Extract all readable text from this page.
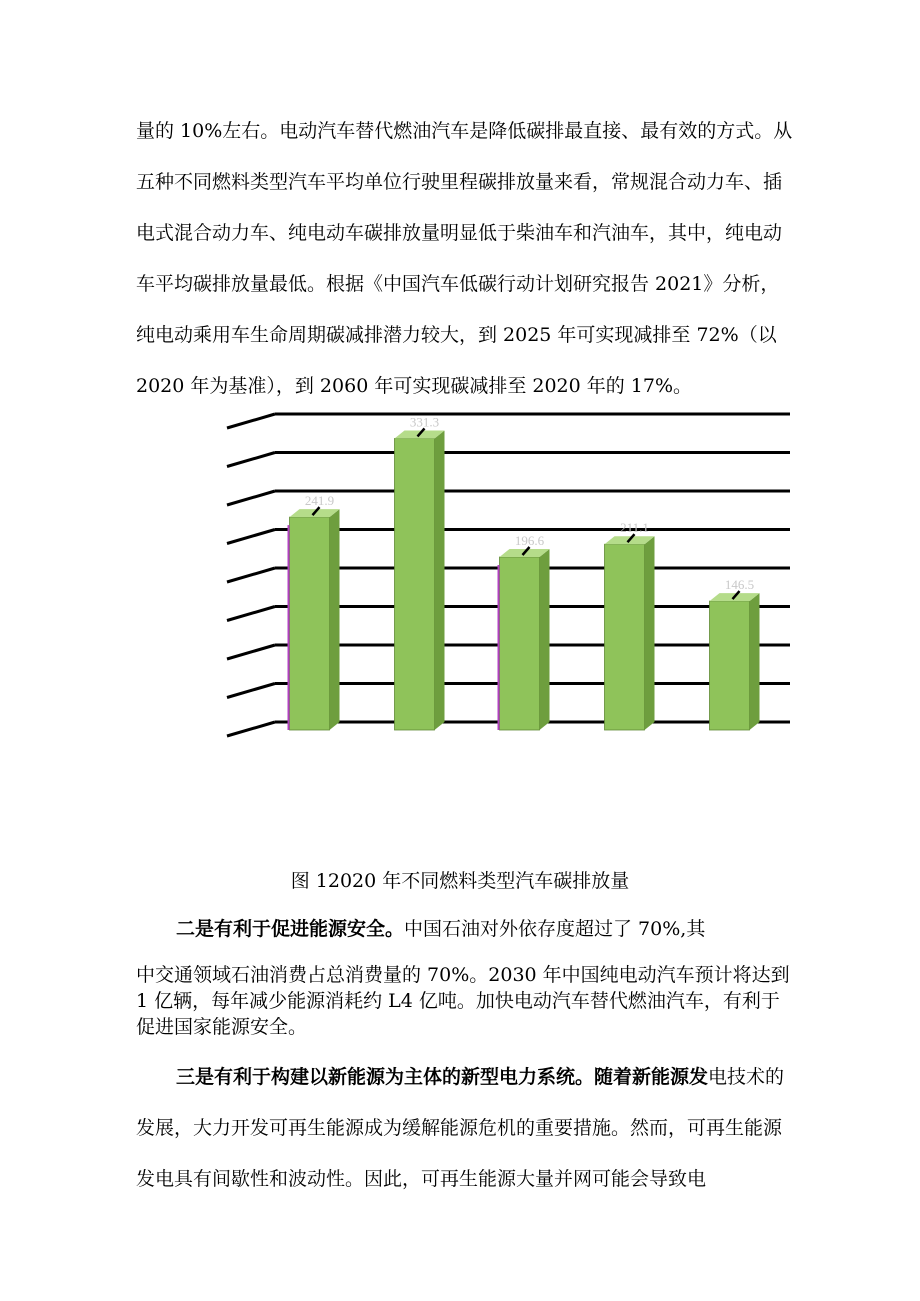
量的 10%左右。电动汽车替代燃油汽车是降低碳排最直接、最有效的方式。从五种不同燃料类型汽车平均单位行驶里程碳排放量来看，常规混合动力车、插电式混合动力车、纯电动车碳排放量明显低于柴油车和汽油车，其中，纯电动车平均碳排放量最低。根据《中国汽车低碳行动计划研究报告 2021》分析，纯电动乘用车生命周期碳减排潜力较大，到 2025 年可实现减排至 72%（以 2020 年为基准），到 2060 年可实现碳减排至 2020 年的 17%。

241.9
331.3
196.6
211.1
146.5
图 12020 年不同燃料类型汽车碳排放量
二是有利于促进能源安全。中国石油对外依存度超过了 70%,其
中交通领域石油消费占总消费量的 70%。2030 年中国纯电动汽车预计将达到 1 亿辆，每年减少能源消耗约 L4 亿吨。加快电动汽车替代燃油汽车，有利于促进国家能源安全。
三是有利于构建以新能源为主体的新型电力系统。随着新能源发电技术的发展，大力开发可再生能源成为缓解能源危机的重要措施。然而，可再生能源发电具有间歇性和波动性。因此，可再生能源大量并网可能会导致电
